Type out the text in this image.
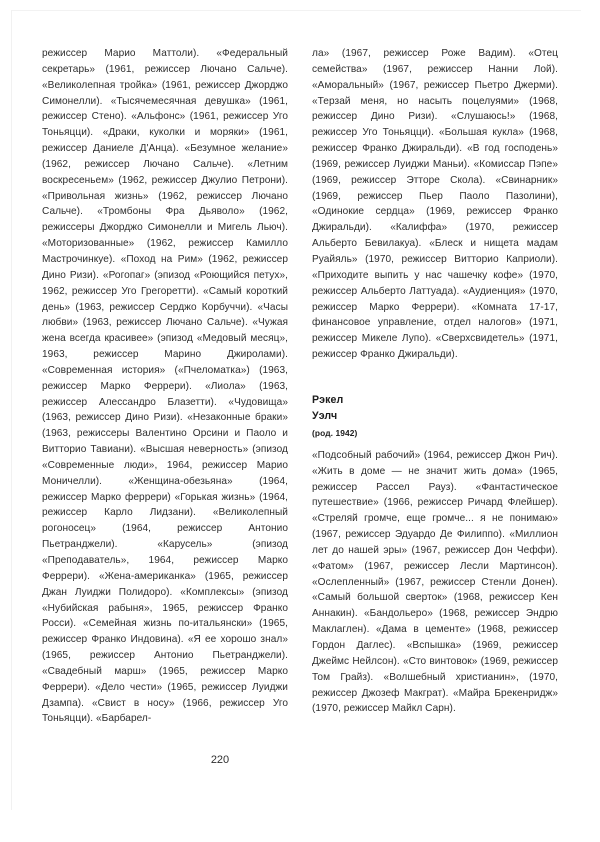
режиссер Марио Маттоли). «Федеральный секретарь» (1961, режиссер Лючано Сальче). «Великолепная тройка» (1961, режиссер Джорджо Симонелли). «Тысячемесячная девушка» (1961, режиссер Стено). «Альфонс» (1961, режиссер Уго Тоньяцци). «Драки, куколки и моряки» (1961, режиссер Даниеле Д'Анца). «Безумное желание» (1962, режиссер Лючано Сальче). «Летним воскресеньем» (1962, режиссер Джулио Петрони). «Привольная жизнь» (1962, режиссер Лючано Сальче). «Тромбоны Фра Дьяволо» (1962, режиссеры Джорджо Симонелли и Мигель Льюч). «Моторизованные» (1962, режиссер Камилло Мастрочинкуе). «Поход на Рим» (1962, режиссер Дино Ризи). «Рогопаг» (эпизод «Роющийся петух», 1962, режиссер Уго Грегоретти). «Самый короткий день» (1963, режиссер Серджо Корбуччи). «Часы любви» (1963, режиссер Лючано Сальче). «Чужая жена всегда красивее» (эпизод «Медовый месяц», 1963, режиссер Марино Джиролами). «Современная история» («Пчеломатка») (1963, режиссер Марко Феррери). «Лиола» (1963, режиссер Алессандро Блазетти). «Чудовища» (1963, режиссер Дино Ризи). «Незаконные браки» (1963, режиссеры Валентино Орсини и Паоло и Витторио Тавиани). «Высшая неверность» (эпизод «Современные люди», 1964, режиссер Марио Моничелли). «Женщина-обезьяна» (1964, режиссер Марко феррери) «Горькая жизнь» (1964, режиссер Карло Лидзани). «Великолепный рогоносец» (1964, режиссер Антонио Пьетранджели). «Карусель» (эпизод «Преподаватель», 1964, режиссер Марко Феррери). «Жена-американка» (1965, режиссер Джан Луиджи Полидоро). «Комплексы» (эпизод «Нубийская рабыня», 1965, режиссер Франко Росси). «Семейная жизнь по-итальянски» (1965, режиссер Франко Индовина). «Я ее хорошо знал» (1965, режиссер Антонио Пьетранджели). «Свадебный марш» (1965, режиссер Марко Феррери). «Дело чести» (1965, режиссер Луиджи Дзампа). «Свист в носу» (1966, режиссер Уго Тоньяцци). «Барбарел-

ла» (1967, режиссер Роже Вадим). «Отец семейства» (1967, режиссер Нанни Лой). «Аморальный» (1967, режиссер Пьетро Джерми). «Терзай меня, но насыть поцелуями» (1968, режиссер Дино Ризи). «Слушаюсь!» (1968, режиссер Уго Тоньяцци). «Большая кукла» (1968, режиссер Франко Джиральди). «В год господень» (1969, режиссер Луиджи Маньи). «Комиссар Пэпе» (1969, режиссер Этторе Скола). «Свинарник» (1969, режиссер Пьер Паоло Пазолини), «Одинокие сердца» (1969, режиссер Франко Джиральди). «Калиффа» (1970, режиссер Альберто Бевилакуа). «Блеск и нищета мадам Руайяль» (1970, режиссер Витторио Каприоли). «Приходите выпить у нас чашечку кофе» (1970, режиссер Альберто Латтуада). «Аудиенция» (1970, режиссер Марко Феррери). «Комната 17-17, финансовое управление, отдел налогов» (1971, режиссер Микеле Лупо). «Сверхсвидетель» (1971, режиссер Франко Джиральди).

Рэкел
Уэлч
(род. 1942)

«Подсобный рабочий» (1964, режиссер Джон Рич). «Жить в доме — не значит жить дома» (1965, режиссер Рассел Рауз). «Фантастическое путешествие» (1966, режиссер Ричард Флейшер). «Стреляй громче, еще громче... я не понимаю» (1967, режиссер Эдуардо Де Филиппо). «Миллион лет до нашей эры» (1967, режиссер Дон Чеффи). «Фатом» (1967, режиссер Лесли Мартинсон). «Ослепленный» (1967, режиссер Стенли Донен). «Самый большой сверток» (1968, режиссер Кен Аннакин). «Бандольеро» (1968, режиссер Эндрю Маклаглен). «Дама в цементе» (1968, режиссер Гордон Даглес). «Вспышка» (1969, режиссер Джеймс Нейлсон). «Сто винтовок» (1969, режиссер Том Грайз). «Волшебный христианин», (1970, режиссер Джозеф Макграт). «Майра Брекенридж» (1970, режиссер Майкл Сарн).

220
